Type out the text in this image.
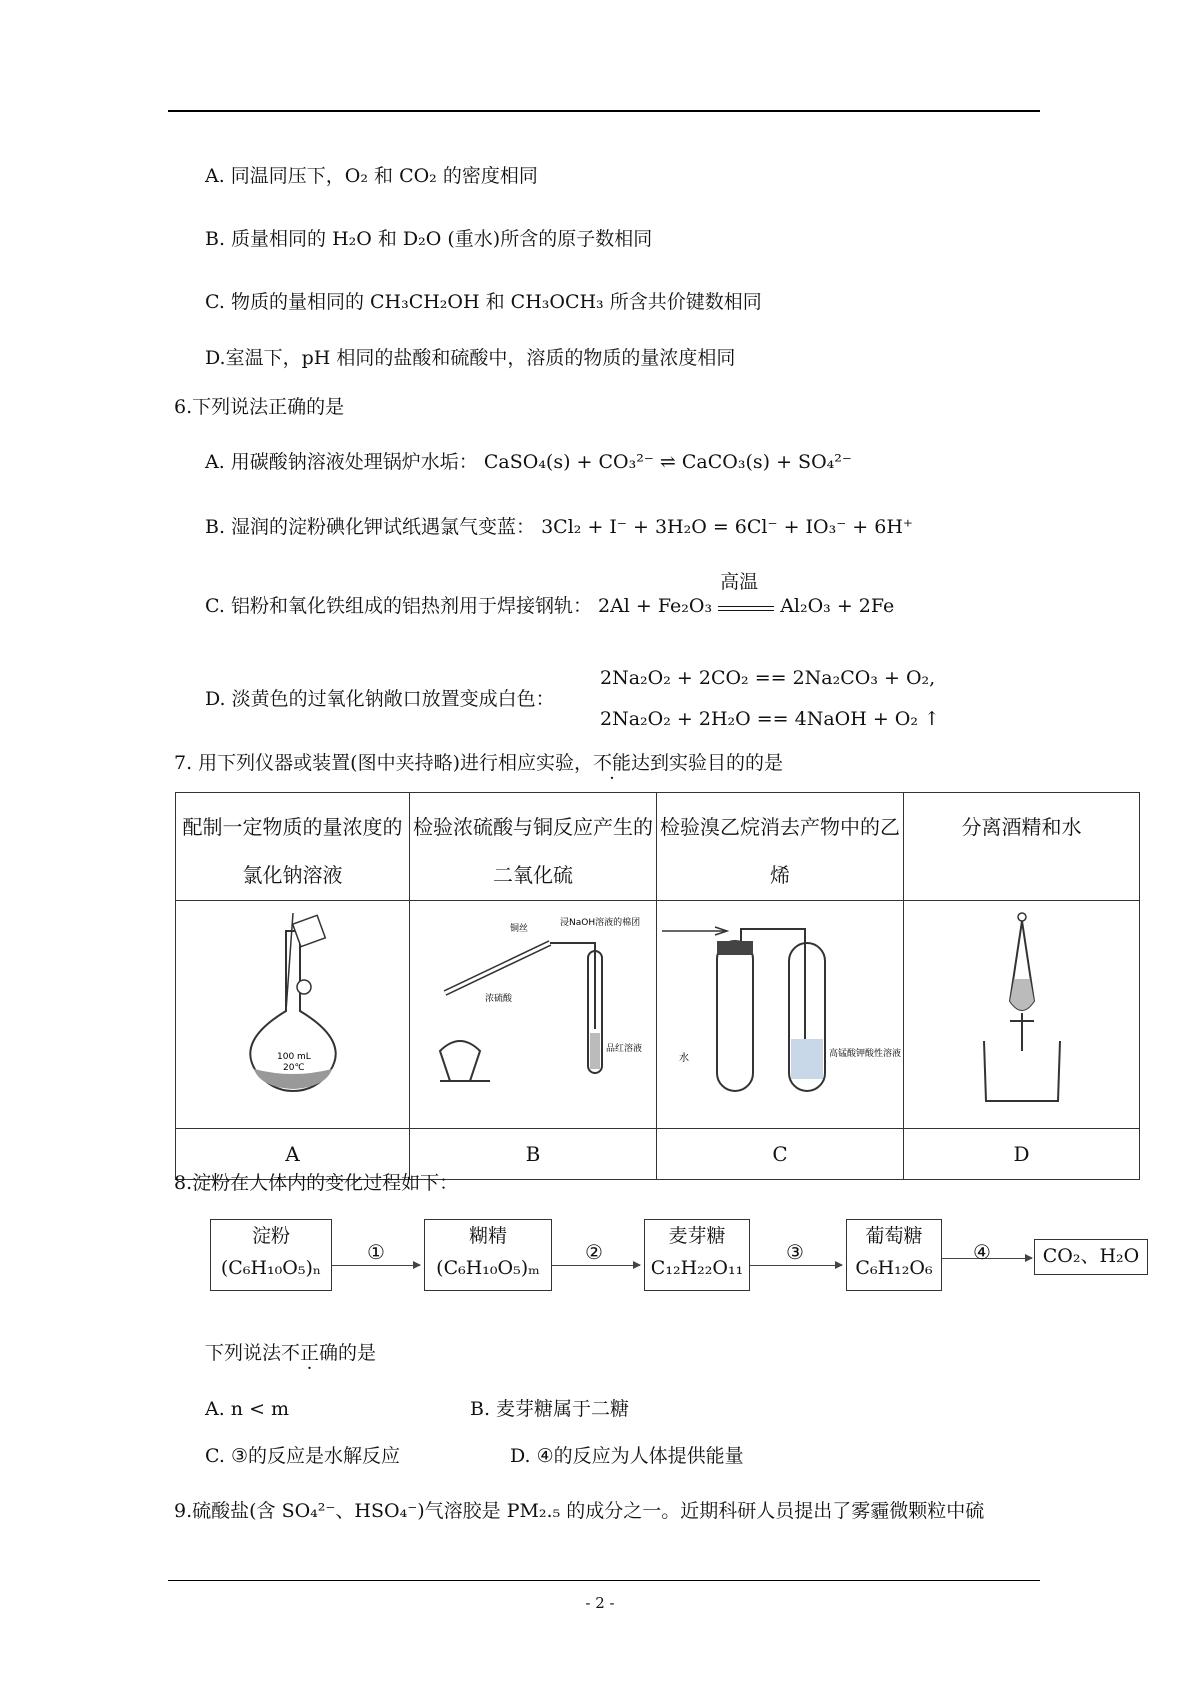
A. 同温同压下，O₂ 和 CO₂ 的密度相同
B. 质量相同的 H₂O 和 D₂O (重水)所含的原子数相同
C. 物质的量相同的 CH₃CH₂OH 和 CH₃OCH₃ 所含共价键数相同
D.室温下，pH 相同的盐酸和硫酸中，溶质的物质的量浓度相同
6.下列说法正确的是
A. 用碳酸钠溶液处理锅炉水垢： CaSO₄(s) + CO₃²⁻ ⇌ CaCO₃(s) + SO₄²⁻
B. 湿润的淀粉碘化钾试纸遇氯气变蓝： 3Cl₂ + I⁻ + 3H₂O = 6Cl⁻ + IO₃⁻ + 6H⁺
C. 铝粉和氧化铁组成的铝热剂用于焊接钢轨： 2Al + Fe₂O₃
高温
Al₂O₃ + 2Fe
D. 淡黄色的过氧化钠敞口放置变成白色：
2Na₂O₂ + 2CO₂ == 2Na₂CO₃ + O₂,
2Na₂O₂ + 2H₂O == 4NaOH + O₂ ↑
7. 用下列仪器或装置(图中夹持略)进行相应实验，不能达到实验目的的是
配制一定物质的量浓度的氯化钠溶液	检验浓硫酸与铜反应产生的二氧化硫	检验溴乙烷消去产物中的乙烯	分离酒精和水

100 mL
20℃	铜丝
浸NaOH溶液的棉团
浓硫酸
品红溶液	水 高锰酸钾酸性溶液

A	B	C	D
8.淀粉在人体内的变化过程如下：
淀粉
(C₆H₁₀O₅)ₙ
①
糊精
(C₆H₁₀O₅)ₘ
②
麦芽糖
C₁₂H₂₂O₁₁
③
葡萄糖
C₆H₁₂O₆
④	CO₂、H₂O
下列说法不正确的是
A. n < m	B. 麦芽糖属于二糖
C. ③的反应是水解反应	D. ④的反应为人体提供能量
9.硫酸盐(含 SO₄²⁻、HSO₄⁻)气溶胶是 PM₂.₅ 的成分之一。近期科研人员提出了雾霾微颗粒中硫
- 2 -
